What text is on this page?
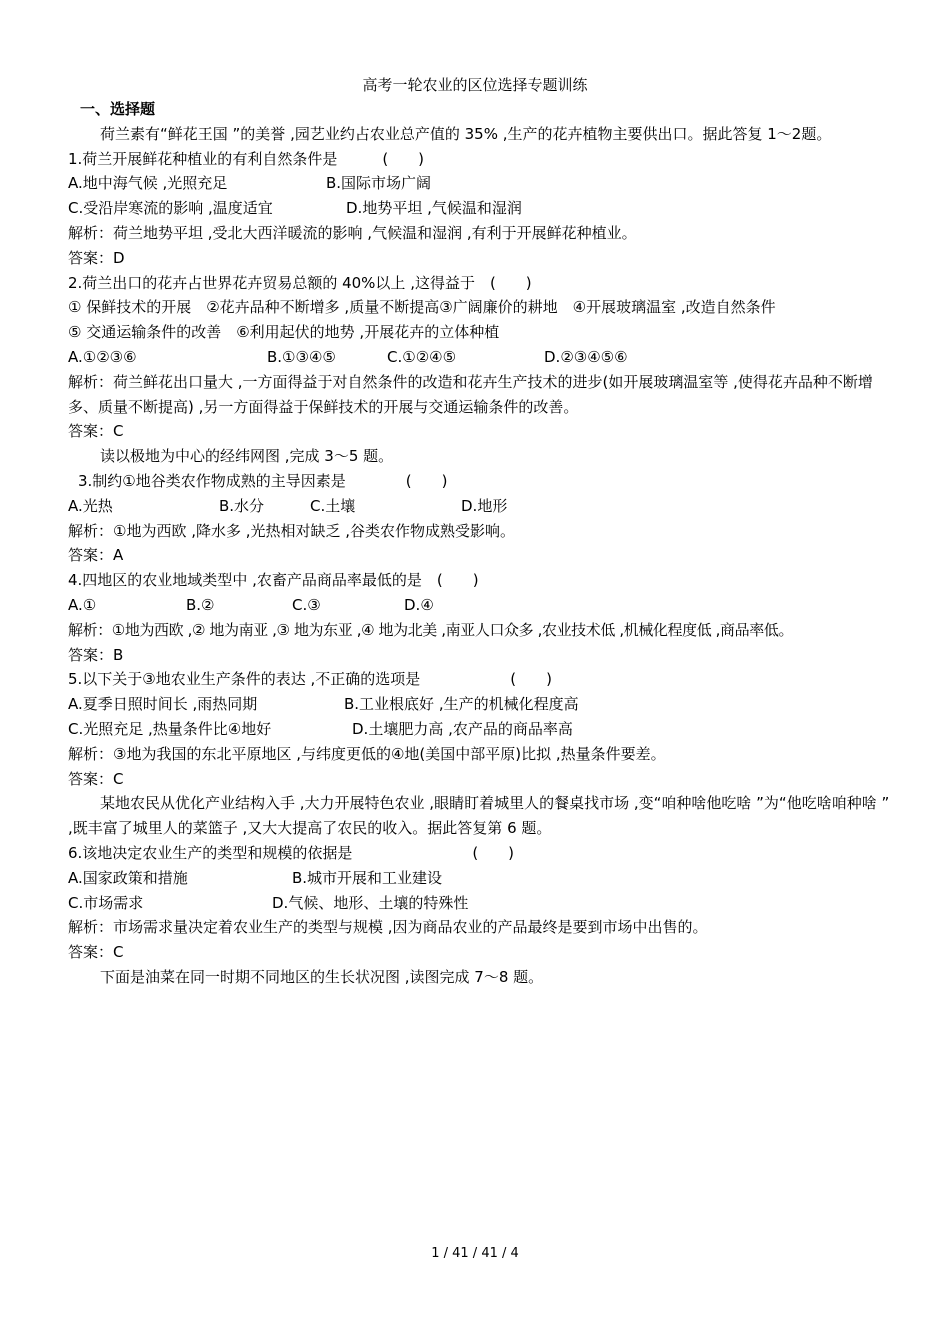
高考一轮农业的区位选择专题训练

一、选择题

荷兰素有“鲜花王国 ”的美誉 ,园艺业约占农业总产值的 35% ,生产的花卉植物主要供出口。据此答复 1～2题。

1.荷兰开展鲜花种植业的有利自然条件是　　　(　　)

A.地中海气候 ,光照充足	B.国际市场广阔
C.受沿岸寒流的影响 ,温度适宜	D.地势平坦 ,气候温和湿润

解析：荷兰地势平坦 ,受北大西洋暖流的影响 ,气候温和湿润 ,有利于开展鲜花种植业。

答案：D

2.荷兰出口的花卉占世界花卉贸易总额的 40%以上 ,这得益于　(　　)

① 保鲜技术的开展　②花卉品种不断增多 ,质量不断提高③广阔廉价的耕地　④开展玻璃温室 ,改造自然条件

⑤ 交通运输条件的改善　⑥利用起伏的地势 ,开展花卉的立体种植

A.①②③⑥	B.①③④⑤	C.①②④⑤	D.②③④⑤⑥

解析：荷兰鲜花出口量大 ,一方面得益于对自然条件的改造和花卉生产技术的进步(如开展玻璃温室等 ,使得花卉品种不断增多、质量不断提高) ,另一方面得益于保鲜技术的开展与交通运输条件的改善。

答案：C

读以极地为中心的经纬网图 ,完成 3～5 题。

3.制约①地谷类农作物成熟的主导因素是　　　　(　　)

A.光热	B.水分	C.土壤	D.地形

解析：①地为西欧 ,降水多 ,光热相对缺乏 ,谷类农作物成熟受影响。

答案：A

4.四地区的农业地域类型中 ,农畜产品商品率最低的是　(　　)

A.①	B.②	C.③	D.④

解析：①地为西欧 ,② 地为南亚 ,③ 地为东亚 ,④ 地为北美 ,南亚人口众多 ,农业技术低 ,机械化程度低 ,商品率低。

答案：B

5.以下关于③地农业生产条件的表达 ,不正确的选项是　　　　　　(　　)

A.夏季日照时间长 ,雨热同期	B.工业根底好 ,生产的机械化程度高
C.光照充足 ,热量条件比④地好	D.土壤肥力高 ,农产品的商品率高

解析：③地为我国的东北平原地区 ,与纬度更低的④地(美国中部平原)比拟 ,热量条件要差。

答案：C

某地农民从优化产业结构入手 ,大力开展特色农业 ,眼睛盯着城里人的餐桌找市场 ,变“咱种啥他吃啥 ”为“他吃啥咱种啥 ” ,既丰富了城里人的菜篮子 ,又大大提高了农民的收入。据此答复第 6 题。

6.该地决定农业生产的类型和规模的依据是　　　　　　　　(　　)

A.国家政策和措施	B.城市开展和工业建设
C.市场需求	D.气候、地形、土壤的特殊性

解析：市场需求量决定着农业生产的类型与规模 ,因为商品农业的产品最终是要到市场中出售的。

答案：C

下面是油菜在同一时期不同地区的生长状况图 ,读图完成 7～8 题。

1 / 41 / 41 / 4
